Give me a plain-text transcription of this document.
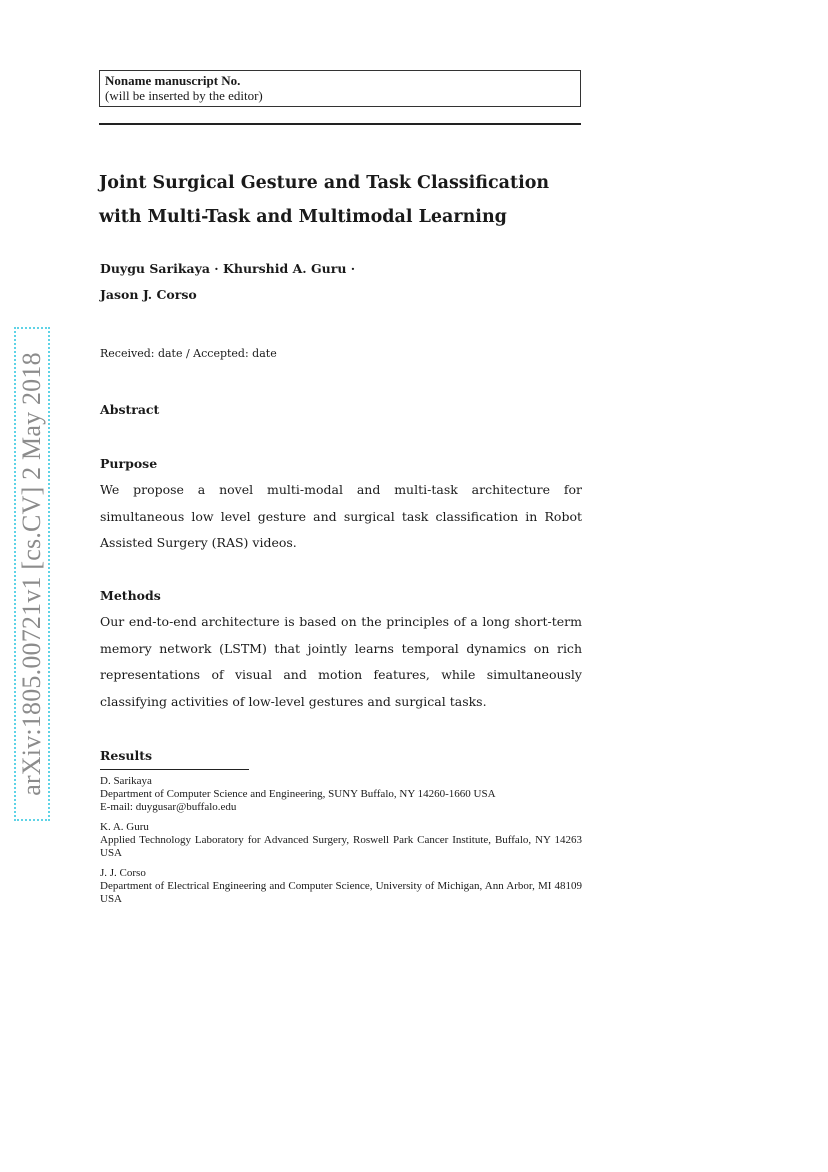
arXiv:1805.00721v1 [cs.CV] 2 May 2018
Noname manuscript No.
(will be inserted by the editor)
Joint Surgical Gesture and Task Classification with Multi-Task and Multimodal Learning
Duygu Sarikaya · Khurshid A. Guru ·
Jason J. Corso
Received: date / Accepted: date
Abstract
Purpose

We propose a novel multi-modal and multi-task architecture for simultaneous low level gesture and surgical task classification in Robot Assisted Surgery (RAS) videos.

Methods

Our end-to-end architecture is based on the principles of a long short-term memory network (LSTM) that jointly learns temporal dynamics on rich representations of visual and motion features, while simultaneously classifying activities of low-level gestures and surgical tasks.

Results
D. Sarikaya
Department of Computer Science and Engineering, SUNY Buffalo, NY 14260-1660 USA
E-mail: duygusar@buffalo.edu
K. A. Guru
Applied Technology Laboratory for Advanced Surgery, Roswell Park Cancer Institute, Buffalo, NY 14263 USA
J. J. Corso
Department of Electrical Engineering and Computer Science, University of Michigan, Ann Arbor, MI 48109 USA
